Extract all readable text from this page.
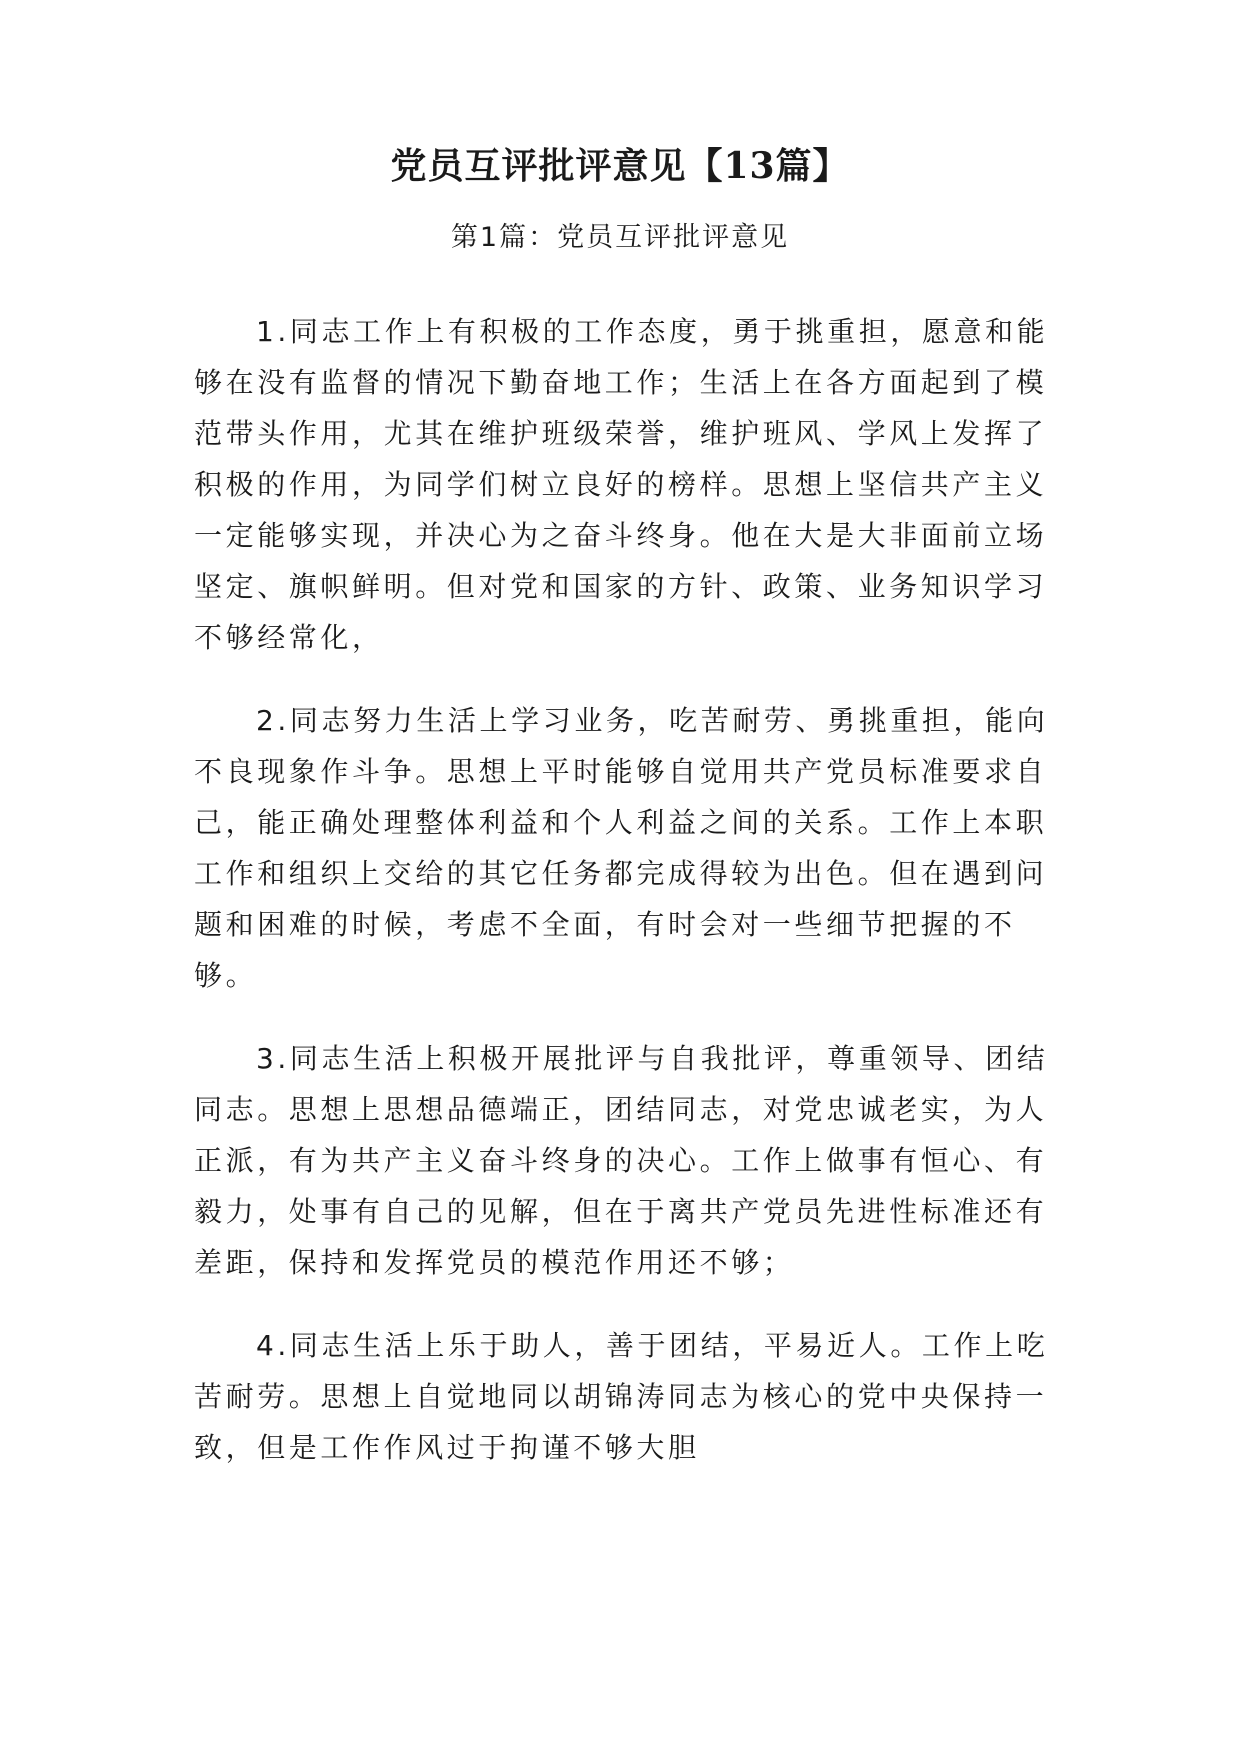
党员互评批评意见【13篇】
第1篇：党员互评批评意见

1.同志工作上有积极的工作态度，勇于挑重担，愿意和能够在没有监督的情况下勤奋地工作；生活上在各方面起到了模范带头作用，尤其在维护班级荣誉，维护班风、学风上发挥了积极的作用，为同学们树立良好的榜样。思想上坚信共产主义一定能够实现，并决心为之奋斗终身。他在大是大非面前立场坚定、旗帜鲜明。但对党和国家的方针、政策、业务知识学习不够经常化，

2.同志努力生活上学习业务，吃苦耐劳、勇挑重担，能向不良现象作斗争。思想上平时能够自觉用共产党员标准要求自己，能正确处理整体利益和个人利益之间的关系。工作上本职工作和组织上交给的其它任务都完成得较为出色。但在遇到问题和困难的时候，考虑不全面，有时会对一些细节把握的不够。

3.同志生活上积极开展批评与自我批评，尊重领导、团结同志。思想上思想品德端正，团结同志，对党忠诚老实，为人正派，有为共产主义奋斗终身的决心。工作上做事有恒心、有毅力，处事有自己的见解，但在于离共产党员先进性标准还有差距，保持和发挥党员的模范作用还不够；

4.同志生活上乐于助人，善于团结，平易近人。工作上吃苦耐劳。思想上自觉地同以胡锦涛同志为核心的党中央保持一致，但是工作作风过于拘谨不够大胆
